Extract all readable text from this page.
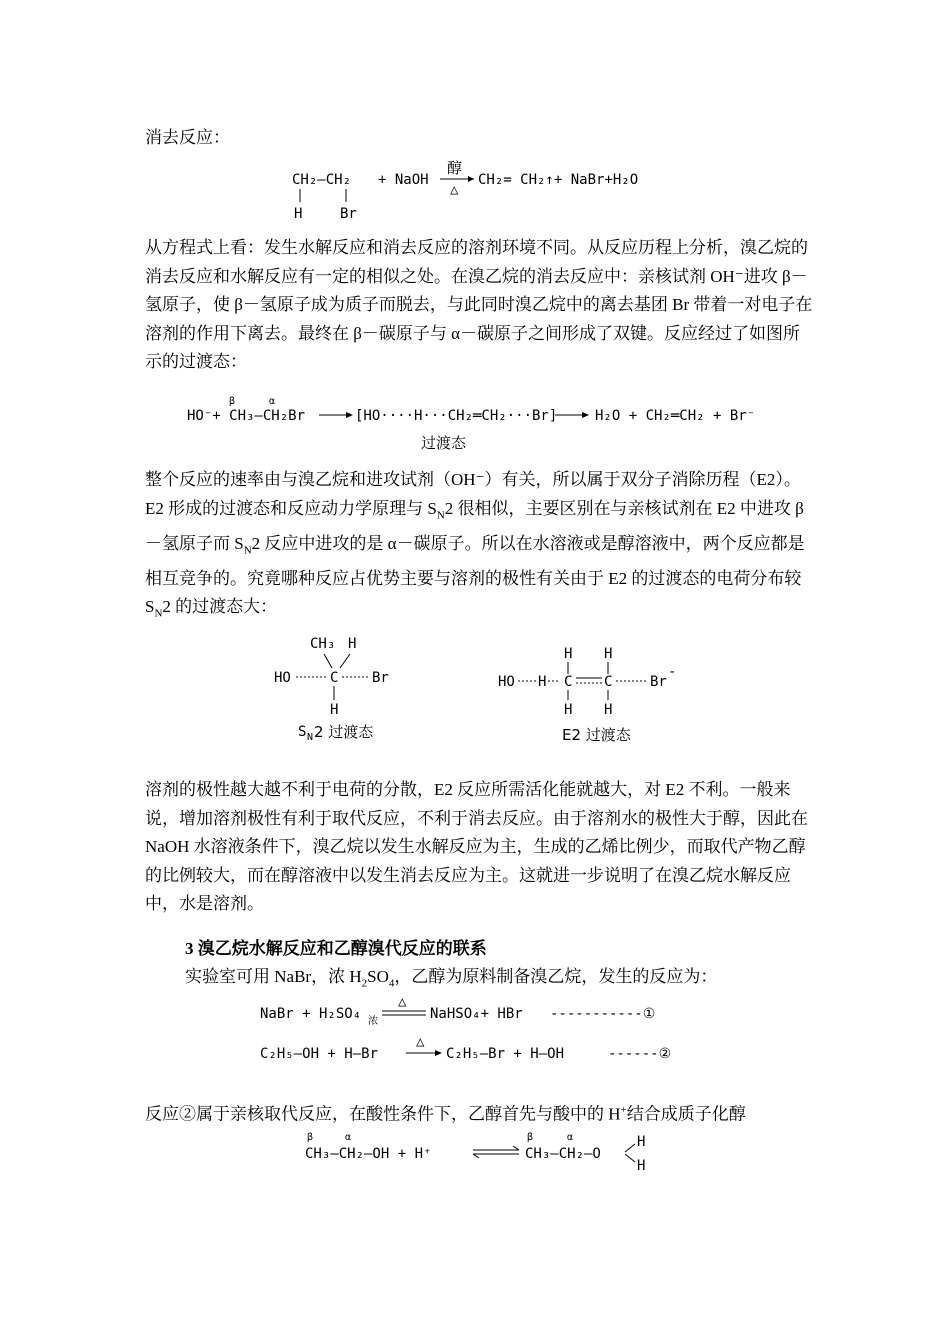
消去反应：
CH₂—CH₂
H	Br
+ NaOH
醇
△
CH₂= CH₂↑+ NaBr+H₂O
从方程式上看：发生水解反应和消去反应的溶剂环境不同。从反应历程上分析，溴乙烷的消去反应和水解反应有一定的相似之处。在溴乙烷的消去反应中：亲核试剂 OH⁻进攻 β－氢原子，使 β－氢原子成为质子而脱去，与此同时溴乙烷中的离去基团 Br 带着一对电子在溶剂的作用下离去。最终在 β－碳原子与 α－碳原子之间形成了双键。反应经过了如图所示的过渡态：
β	α
HO⁻+ CH₃—CH₂Br	[HO····H···CH₂═CH₂···Br]
过渡态
H₂O + CH₂═CH₂ + Br⁻
整个反应的速率由与溴乙烷和进攻试剂（OH⁻）有关，所以属于双分子消除历程（E2）。E2 形成的过渡态和反应动力学原理与 $S_N2$ 很相似，主要区别在与亲核试剂在 E2 中进攻 β－氢原子而 $S_N2$ 反应中进攻的是 α－碳原子。所以在水溶液或是醇溶液中，两个反应都是相互竞争的。究竟哪种反应占优势主要与溶剂的极性有关由于 E2 的过渡态的电荷分布较 $S_N2$ 的过渡态大：
CH₃ H
HO	C Br
H
S N 2 过渡态
H H
HO H C C	Br
-
H H
E2 过渡态
溶剂的极性越大越不利于电荷的分散，E2 反应所需活化能就越大，对 E2 不利。一般来说，增加溶剂极性有利于取代反应，不利于消去反应。由于溶剂水的极性大于醇，因此在 NaOH 水溶液条件下，溴乙烷以发生水解反应为主，生成的乙烯比例少，而取代产物乙醇的比例较大，而在醇溶液中以发生消去反应为主。这就进一步说明了在溴乙烷水解反应中，水是溶剂。
3 溴乙烷水解反应和乙醇溴代反应的联系
实验室可用 NaBr，浓 $H_2SO_4$，乙醇为原料制备溴乙烷，发生的反应为：
NaBr + H₂SO₄ 浓
△
NaHSO₄+ HBr -----------①
C₂H₅—OH + H—Br
△
C₂H₅—Br + H—OH	------②
反应②属于亲核取代反应，在酸性条件下，乙醇首先与酸中的 H+结合成质子化醇
β	α
CH₃—CH₂—OH + H⁺
β	α
CH₃—CH₂—O
H
H
